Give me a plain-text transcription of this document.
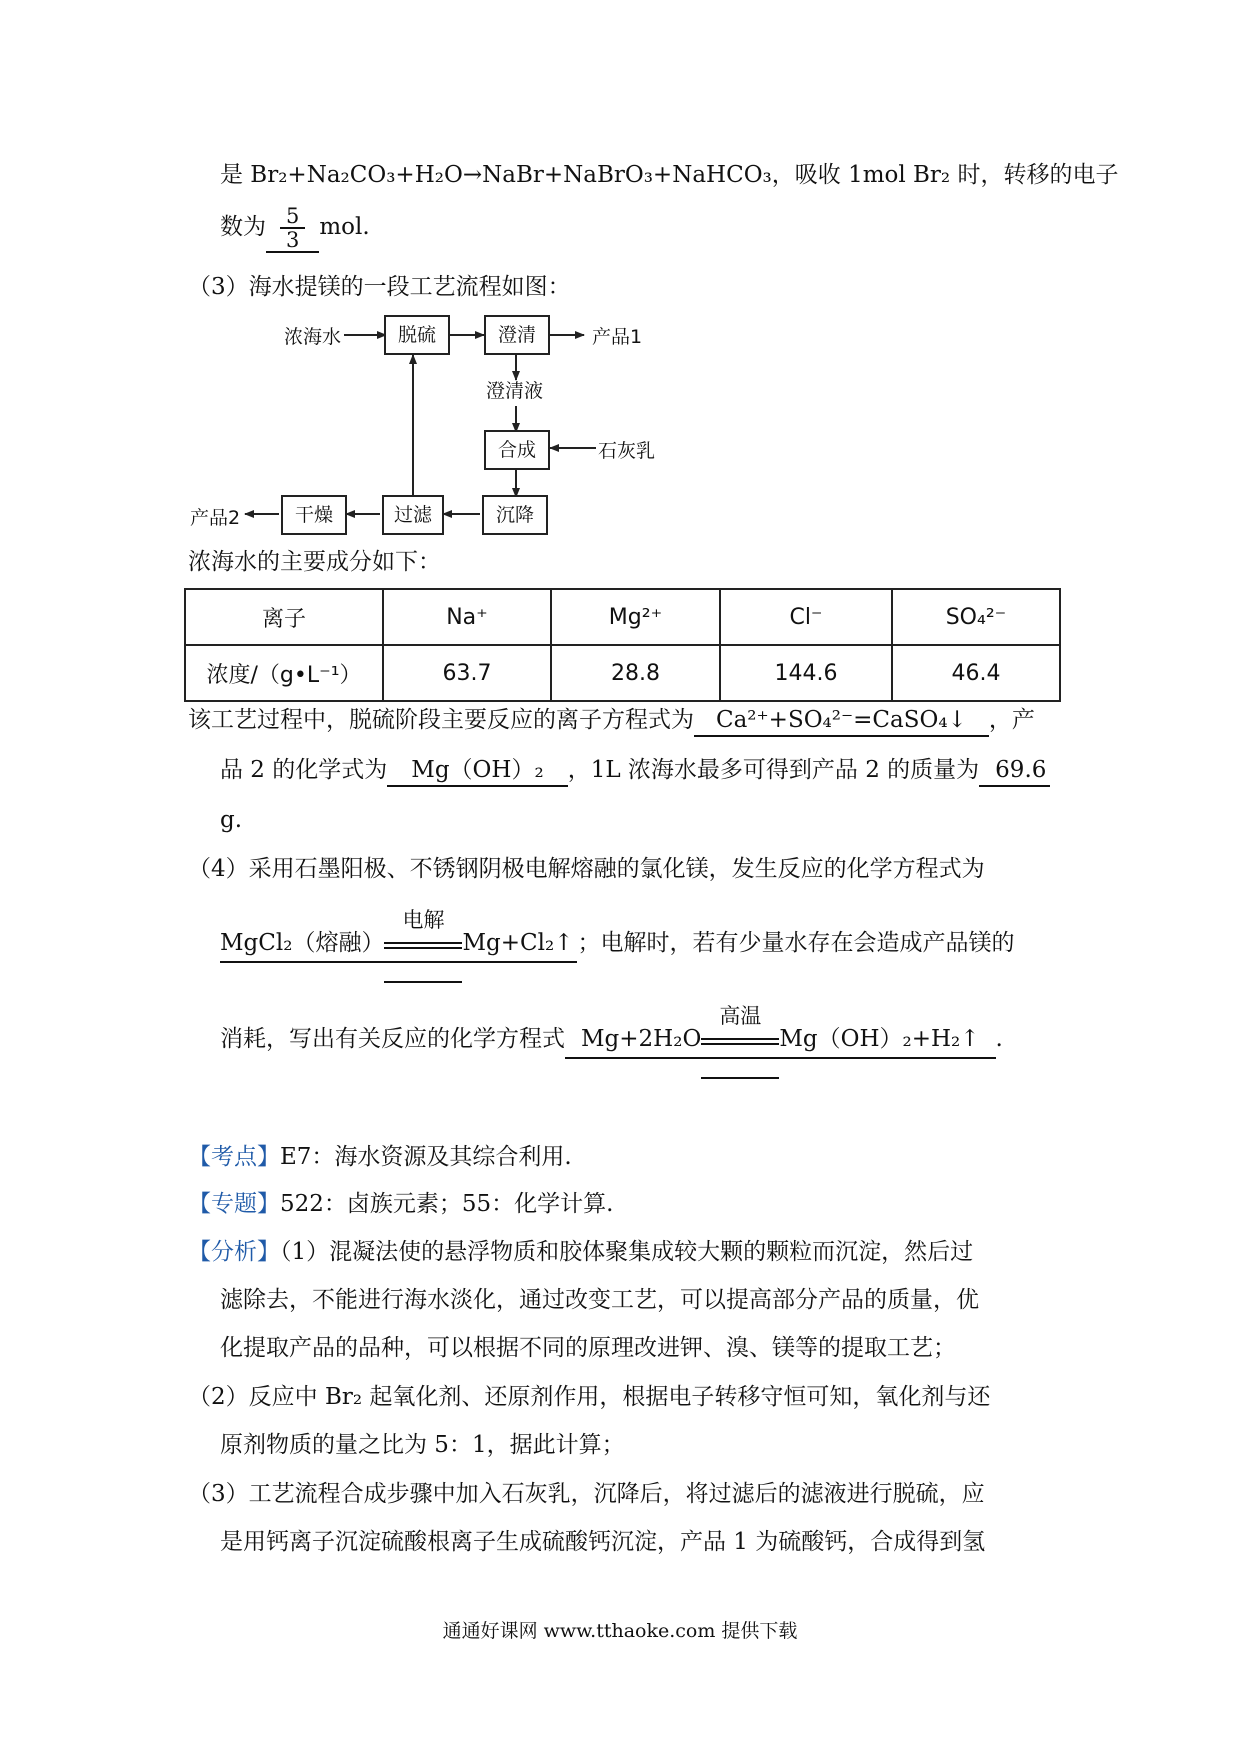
是 Br₂+Na₂CO₃+H₂O→NaBr+NaBrO₃+NaHCO₃，吸收 1mol Br₂ 时，转移的电子
数为 $\frac{5}{3}$ mol.
（3）海水提镁的一段工艺流程如图：
浓海水	脱硫	澄清	产品1
澄清液
合成	石灰乳
沉降
过滤
干燥
产品2
浓海水的主要成分如下：
离子	Na⁺	Mg²⁺	Cl⁻	SO₄²⁻
浓度/（g•L⁻¹）	63.7	28.8	144.6	46.4
该工艺过程中，脱硫阶段主要反应的离子方程式为 Ca²⁺+SO₄²⁻=CaSO₄↓ ，产
品 2 的化学式为 Mg（OH）₂ ，1L 浓海水最多可得到产品 2 的质量为 69.6
g.
（4）采用石墨阳极、不锈钢阴极电解熔融的氯化镁，发生反应的化学方程式为
MgCl₂（熔融）
电解
Mg+Cl₂↑ ；电解时，若有少量水存在会造成产品镁的
消耗，写出有关反应的化学方程式 Mg+2H₂O
高温
Mg（OH）₂+H₂↑ .
【考点】E7：海水资源及其综合利用.
【专题】522：卤族元素；55：化学计算.
【分析】（1）混凝法使的悬浮物质和胶体聚集成较大颗的颗粒而沉淀，然后过
滤除去，不能进行海水淡化，通过改变工艺，可以提高部分产品的质量，优
化提取产品的品种，可以根据不同的原理改进钾、溴、镁等的提取工艺；
（2）反应中 Br₂ 起氧化剂、还原剂作用，根据电子转移守恒可知，氧化剂与还
原剂物质的量之比为 5：1，据此计算；
（3）工艺流程合成步骤中加入石灰乳，沉降后，将过滤后的滤液进行脱硫，应
是用钙离子沉淀硫酸根离子生成硫酸钙沉淀，产品 1 为硫酸钙，合成得到氢
通通好课网 www.tthaoke.com 提供下载
